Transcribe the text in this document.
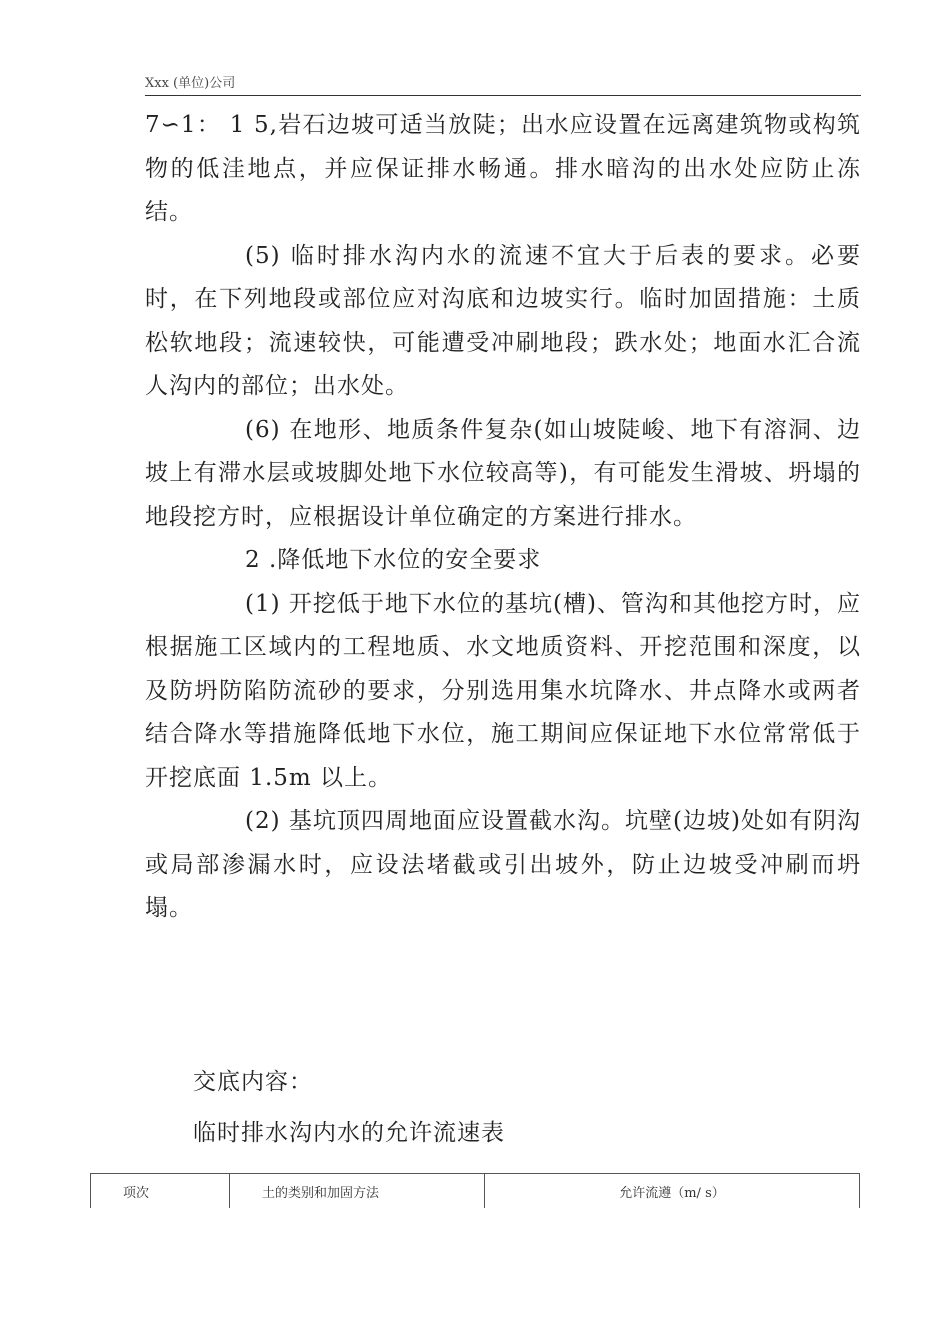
Xxx (单位)公司

7∽1： 1 5,岩石边坡可适当放陡；出水应设置在远离建筑物或构筑物的低洼地点，并应保证排水畅通。排水暗沟的出水处应防止冻结。

(5) 临时排水沟内水的流速不宜大于后表的要求。必要时，在下列地段或部位应对沟底和边坡实行。临时加固措施：土质松软地段；流速较快，可能遭受冲刷地段；跌水处；地面水汇合流人沟内的部位；出水处。

(6) 在地形、地质条件复杂(如山坡陡峻、地下有溶洞、边坡上有滞水层或坡脚处地下水位较高等)，有可能发生滑坡、坍塌的地段挖方时，应根据设计单位确定的方案进行排水。

2 .降低地下水位的安全要求

(1) 开挖低于地下水位的基坑(槽)、管沟和其他挖方时，应根据施工区域内的工程地质、水文地质资料、开挖范围和深度，以及防坍防陷防流砂的要求，分别选用集水坑降水、井点降水或两者结合降水等措施降低地下水位，施工期间应保证地下水位常常低于开挖底面 1.5m 以上。

(2) 基坑顶四周地面应设置截水沟。坑壁(边坡)处如有阴沟或局部渗漏水时，应设法堵截或引出坡外，防止边坡受冲刷而坍塌。

交底内容：
临时排水沟内水的允许流速表
项次	土的类别和加固方法	允许流遵（m/ s）
